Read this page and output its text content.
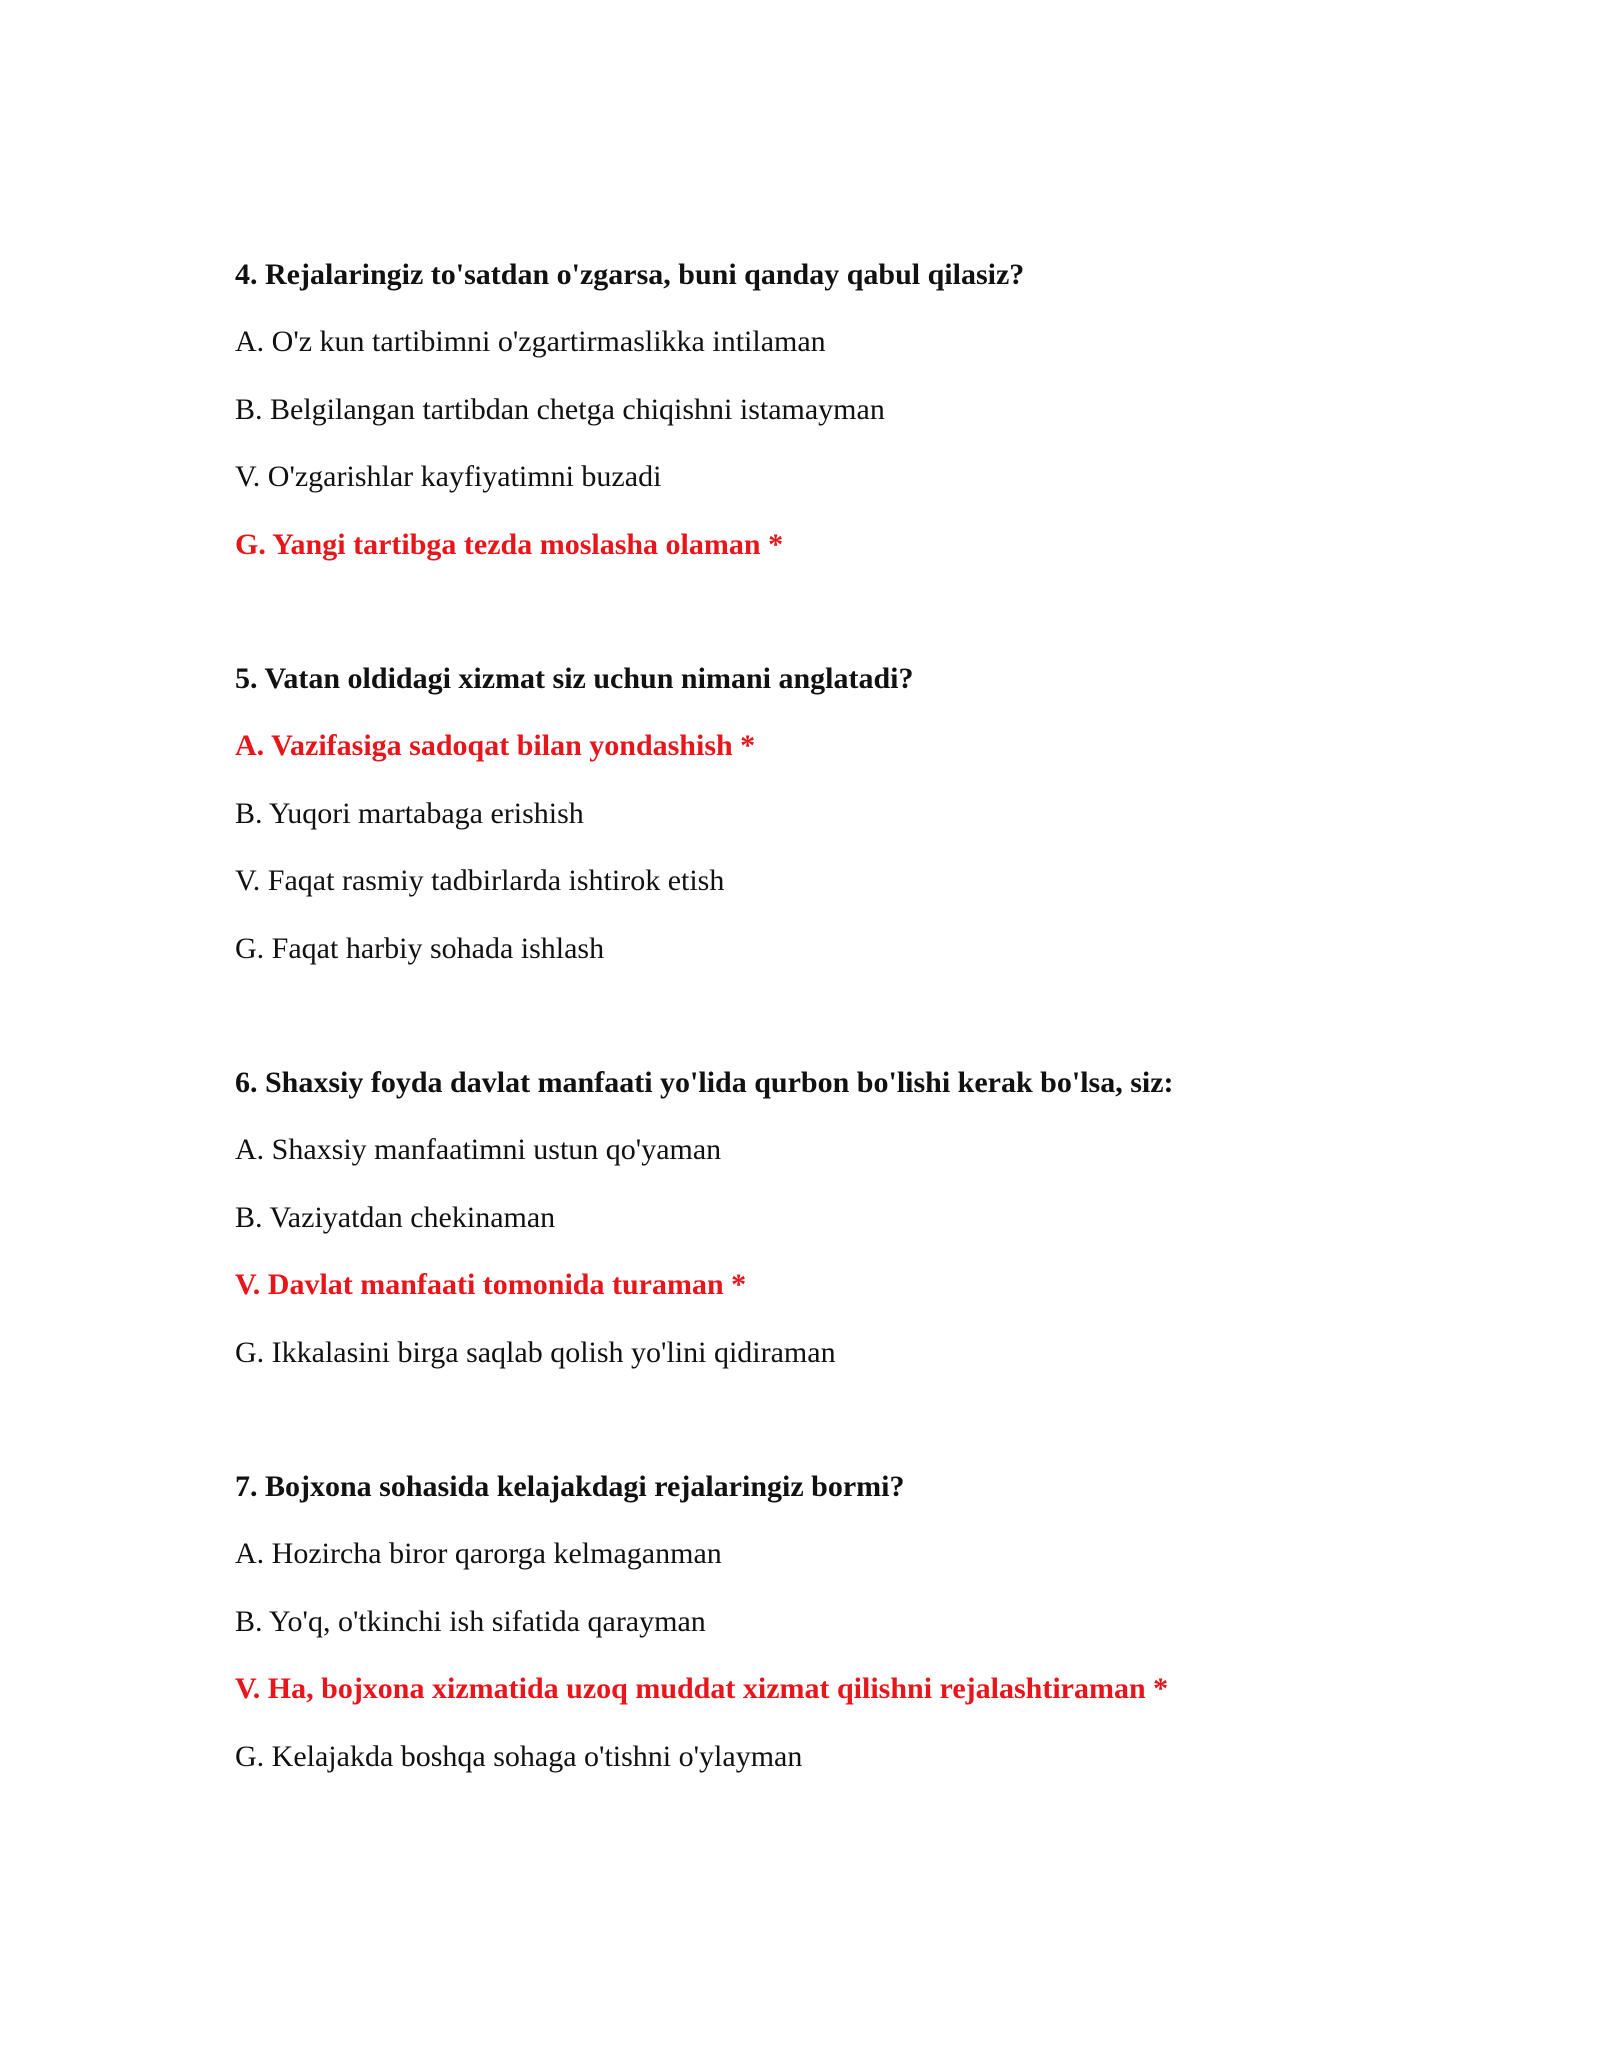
4. Rejalaringiz to'satdan o'zgarsa, buni qanday qabul qilasiz?

A. O'z kun tartibimni o'zgartirmaslikka intilaman

B. Belgilangan tartibdan chetga chiqishni istamayman

V. O'zgarishlar kayfiyatimni buzadi

G. Yangi tartibga tezda moslasha olaman *

5. Vatan oldidagi xizmat siz uchun nimani anglatadi?

A. Vazifasiga sadoqat bilan yondashish *

B. Yuqori martabaga erishish

V. Faqat rasmiy tadbirlarda ishtirok etish

G. Faqat harbiy sohada ishlash

6. Shaxsiy foyda davlat manfaati yo'lida qurbon bo'lishi kerak bo'lsa, siz:

A. Shaxsiy manfaatimni ustun qo'yaman

B. Vaziyatdan chekinaman

V. Davlat manfaati tomonida turaman *

G. Ikkalasini birga saqlab qolish yo'lini qidiraman

7. Bojxona sohasida kelajakdagi rejalaringiz bormi?

A. Hozircha biror qarorga kelmaganman

B. Yo'q, o'tkinchi ish sifatida qarayman

V. Ha, bojxona xizmatida uzoq muddat xizmat qilishni rejalashtiraman *

G. Kelajakda boshqa sohaga o'tishni o'ylayman
